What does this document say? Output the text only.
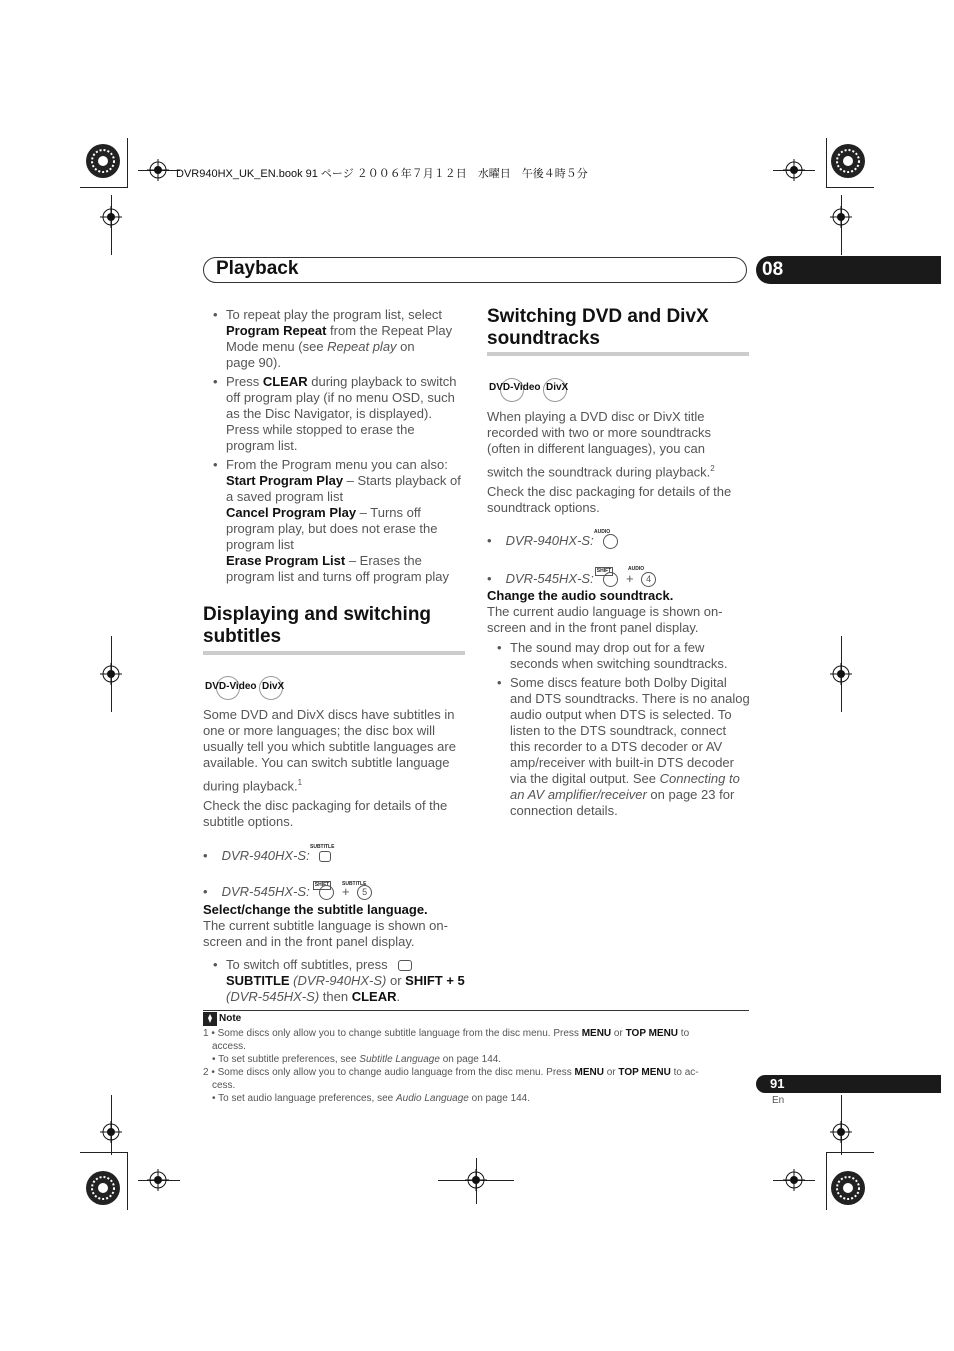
DVR940HX_UK_EN.book 91 ページ ２００６年７月１２日　水曜日　午後４時５分
Playback	08
• To repeat play the program list, select
Program Repeat from the Repeat Play
Mode menu (see Repeat play on
page 90).
• Press CLEAR during playback to switch
off program play (if no menu OSD, such
as the Disc Navigator, is displayed).
Press while stopped to erase the
program list.
• From the Program menu you can also:
Start Program Play – Starts playback of
a saved program list
Cancel Program Play – Turns off
program play, but does not erase the
program list
Erase Program List – Erases the
program list and turns off program play
Displaying and switching
subtitles
DVD-Video DivX
Some DVD and DivX discs have subtitles in
one or more languages; the disc box will
usually tell you which subtitle languages are
available. You can switch subtitle language
during playback.$^1$
Check the disc packaging for details of the
subtitle options.
SUBTITLE
• DVR-940HX-S:
SHIFT	SUBTITLE
• DVR-545HX-S: + 5
Select/change the subtitle language.
The current subtitle language is shown on-
screen and in the front panel display.
• To switch off subtitles, press
SUBTITLE (DVR-940HX-S) or SHIFT + 5
(DVR-545HX-S) then CLEAR.
Switching DVD and DivX
soundtracks
DVD-Video DivX
When playing a DVD disc or DivX title
recorded with two or more soundtracks
(often in different languages), you can
switch the soundtrack during playback.$^2$
Check the disc packaging for details of the
soundtrack options.
AUDIO
• DVR-940HX-S:
SHIFT	AUDIO
• DVR-545HX-S: + 4
Change the audio soundtrack.
The current audio language is shown on-
screen and in the front panel display.
• The sound may drop out for a few
seconds when switching soundtracks.
• Some discs feature both Dolby Digital
and DTS soundtracks. There is no analog
audio output when DTS is selected. To
listen to the DTS soundtrack, connect
this recorder to a DTS decoder or AV
amp/receiver with built-in DTS decoder
via the digital output. See Connecting to
an AV amplifier/receiver on page 23 for
connection details.
Note
1 • Some discs only allow you to change subtitle language from the disc menu. Press MENU or TOP MENU to
access.
• To set subtitle preferences, see Subtitle Language on page 144.
2 • Some discs only allow you to change audio language from the disc menu. Press MENU or TOP MENU to ac-
cess.
• To set audio language preferences, see Audio Language on page 144.
91
En
